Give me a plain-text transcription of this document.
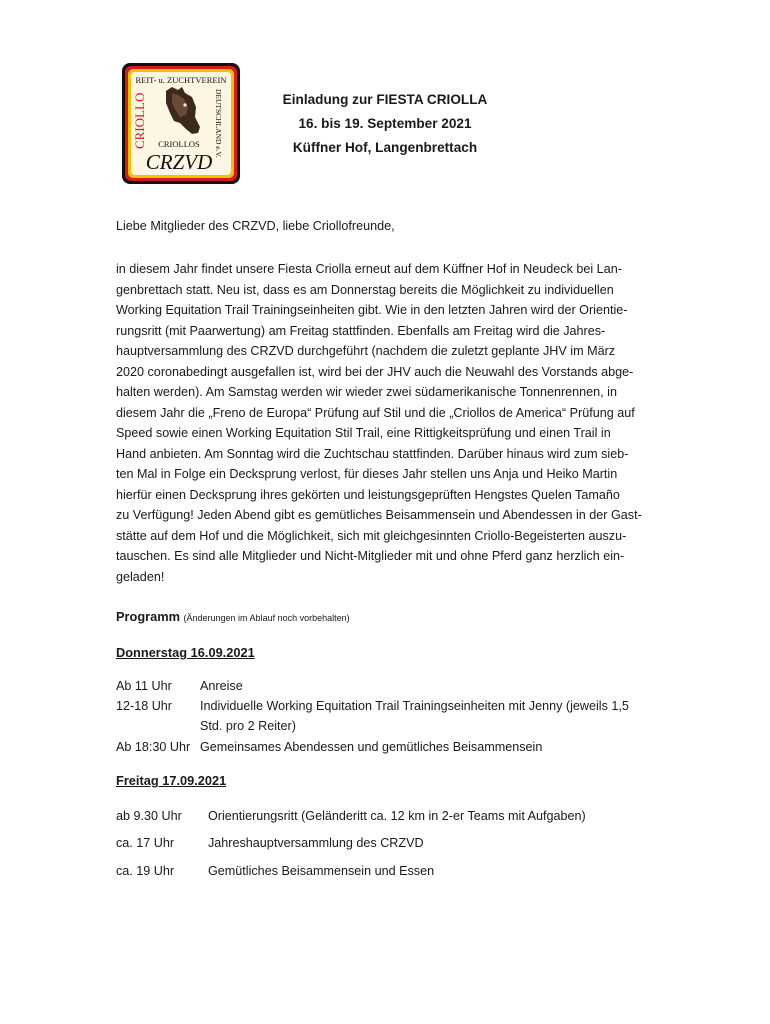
REIT- u. ZUCHTVEREIN
CRIOLLO	DEUTSCHLAND e.V.
CRIOLLOS
CRZVD
Einladung zur FIESTA CRIOLLA
16. bis 19. September 2021
Küffner Hof, Langenbrettach
Liebe Mitglieder des CRZVD, liebe Criollofreunde,
in diesem Jahr findet unsere Fiesta Criolla erneut auf dem Küffner Hof in Neudeck bei Lan-
genbrettach statt. Neu ist, dass es am Donnerstag bereits die Möglichkeit zu individuellen
Working Equitation Trail Trainingseinheiten gibt. Wie in den letzten Jahren wird der Orientie-
rungsritt (mit Paarwertung) am Freitag stattfinden. Ebenfalls am Freitag wird die Jahres-
hauptversammlung des CRZVD durchgeführt (nachdem die zuletzt geplante JHV im März
2020 coronabedingt ausgefallen ist, wird bei der JHV auch die Neuwahl des Vorstands abge-
halten werden). Am Samstag werden wir wieder zwei südamerikanische Tonnenrennen, in
diesem Jahr die „Freno de Europa“ Prüfung auf Stil und die „Criollos de America“ Prüfung auf
Speed sowie einen Working Equitation Stil Trail, eine Rittigkeitsprüfung und einen Trail in
Hand anbieten. Am Sonntag wird die Zuchtschau stattfinden. Darüber hinaus wird zum sieb-
ten Mal in Folge ein Decksprung verlost, für dieses Jahr stellen uns Anja und Heiko Martin
hierfür einen Decksprung ihres gekörten und leistungsgeprüften Hengstes Quelen Tamaño
zu Verfügung! Jeden Abend gibt es gemütliches Beisammensein und Abendessen in der Gast-
stätte auf dem Hof und die Möglichkeit, sich mit gleichgesinnten Criollo-Begeisterten auszu-
tauschen. Es sind alle Mitglieder und Nicht-Mitglieder mit und ohne Pferd ganz herzlich ein-
geladen!
Programm (Änderungen im Ablauf noch vorbehalten)
Donnerstag 16.09.2021
Ab 11 Uhr Anreise
12-18 Uhr Individuelle Working Equitation Trail Trainingseinheiten mit Jenny (jeweils 1,5
Std. pro 2 Reiter)
Ab 18:30 Uhr Gemeinsames Abendessen und gemütliches Beisammensein
Freitag 17.09.2021
ab 9.30 Uhr Orientierungsritt (Geländeritt ca. 12 km in 2-er Teams mit Aufgaben)
ca. 17 Uhr	Jahreshauptversammlung des CRZVD
ca. 19 Uhr	Gemütliches Beisammensein und Essen
